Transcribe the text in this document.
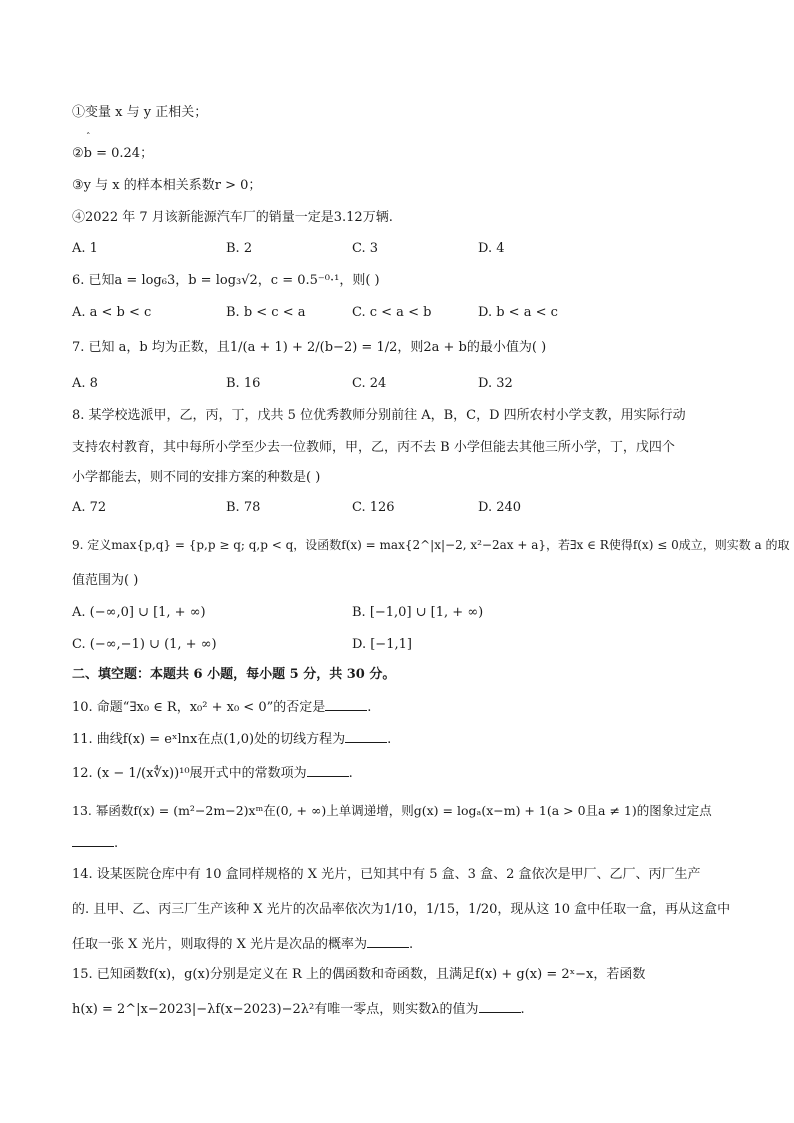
①变量 x 与 y 正相关；
ˆ
②b = 0.24；
③y 与 x 的样本相关系数r > 0；
④2022 年 7 月该新能源汽车厂的销量一定是3.12万辆.
A. 1	B. 2	C. 3	D. 4
6. 已知a = log₆3，b = log₃√2，c = 0.5⁻⁰·¹，则( )
A. a < b < c	B. b < c < a	C. c < a < b	D. b < a < c
7. 已知 a，b 均为正数，且1/(a + 1) + 2/(b−2) = 1/2，则2a + b的最小值为( )
A. 8	B. 16	C. 24	D. 32
8. 某学校选派甲，乙，丙，丁，戊共 5 位优秀教师分别前往 A，B，C，D 四所农村小学支教，用实际行动
支持农村教育，其中每所小学至少去一位教师，甲，乙，丙不去 B 小学但能去其他三所小学，丁，戊四个
小学都能去，则不同的安排方案的种数是( )
A. 72	B. 78	C. 126	D. 240
9. 定义max{p,q} = {p,p ≥ q; q,p < q，设函数f(x) = max{2^|x|−2, x²−2ax + a}，若∃x ∈ R使得f(x) ≤ 0成立，则实数 a 的取
值范围为( )
A. (−∞,0] ∪ [1, + ∞)	B. [−1,0] ∪ [1, + ∞)
C. (−∞,−1) ∪ (1, + ∞)	D. [−1,1]
二、填空题：本题共 6 小题，每小题 5 分，共 30 分。
10. 命题“∃x₀ ∈ R，x₀² + x₀ < 0”的否定是	.
11. 曲线f(x) = eˣlnx在点(1,0)处的切线方程为	.
12. (x − 1/(x∜x))¹⁰展开式中的常数项为	.
13. 幂函数f(x) = (m²−2m−2)xᵐ在(0, + ∞)上单调递增，则g(x) = logₐ(x−m) + 1(a > 0且a ≠ 1)的图象过定点
.
14. 设某医院仓库中有 10 盒同样规格的 X 光片，已知其中有 5 盒、3 盒、2 盒依次是甲厂、乙厂、丙厂生产
的. 且甲、乙、丙三厂生产该种 X 光片的次品率依次为1/10，1/15，1/20，现从这 10 盒中任取一盒，再从这盒中
任取一张 X 光片，则取得的 X 光片是次品的概率为	.
15. 已知函数f(x)，g(x)分别是定义在 R 上的偶函数和奇函数，且满足f(x) + g(x) = 2ˣ−x，若函数
h(x) = 2^|x−2023|−λf(x−2023)−2λ²有唯一零点，则实数λ的值为	.
